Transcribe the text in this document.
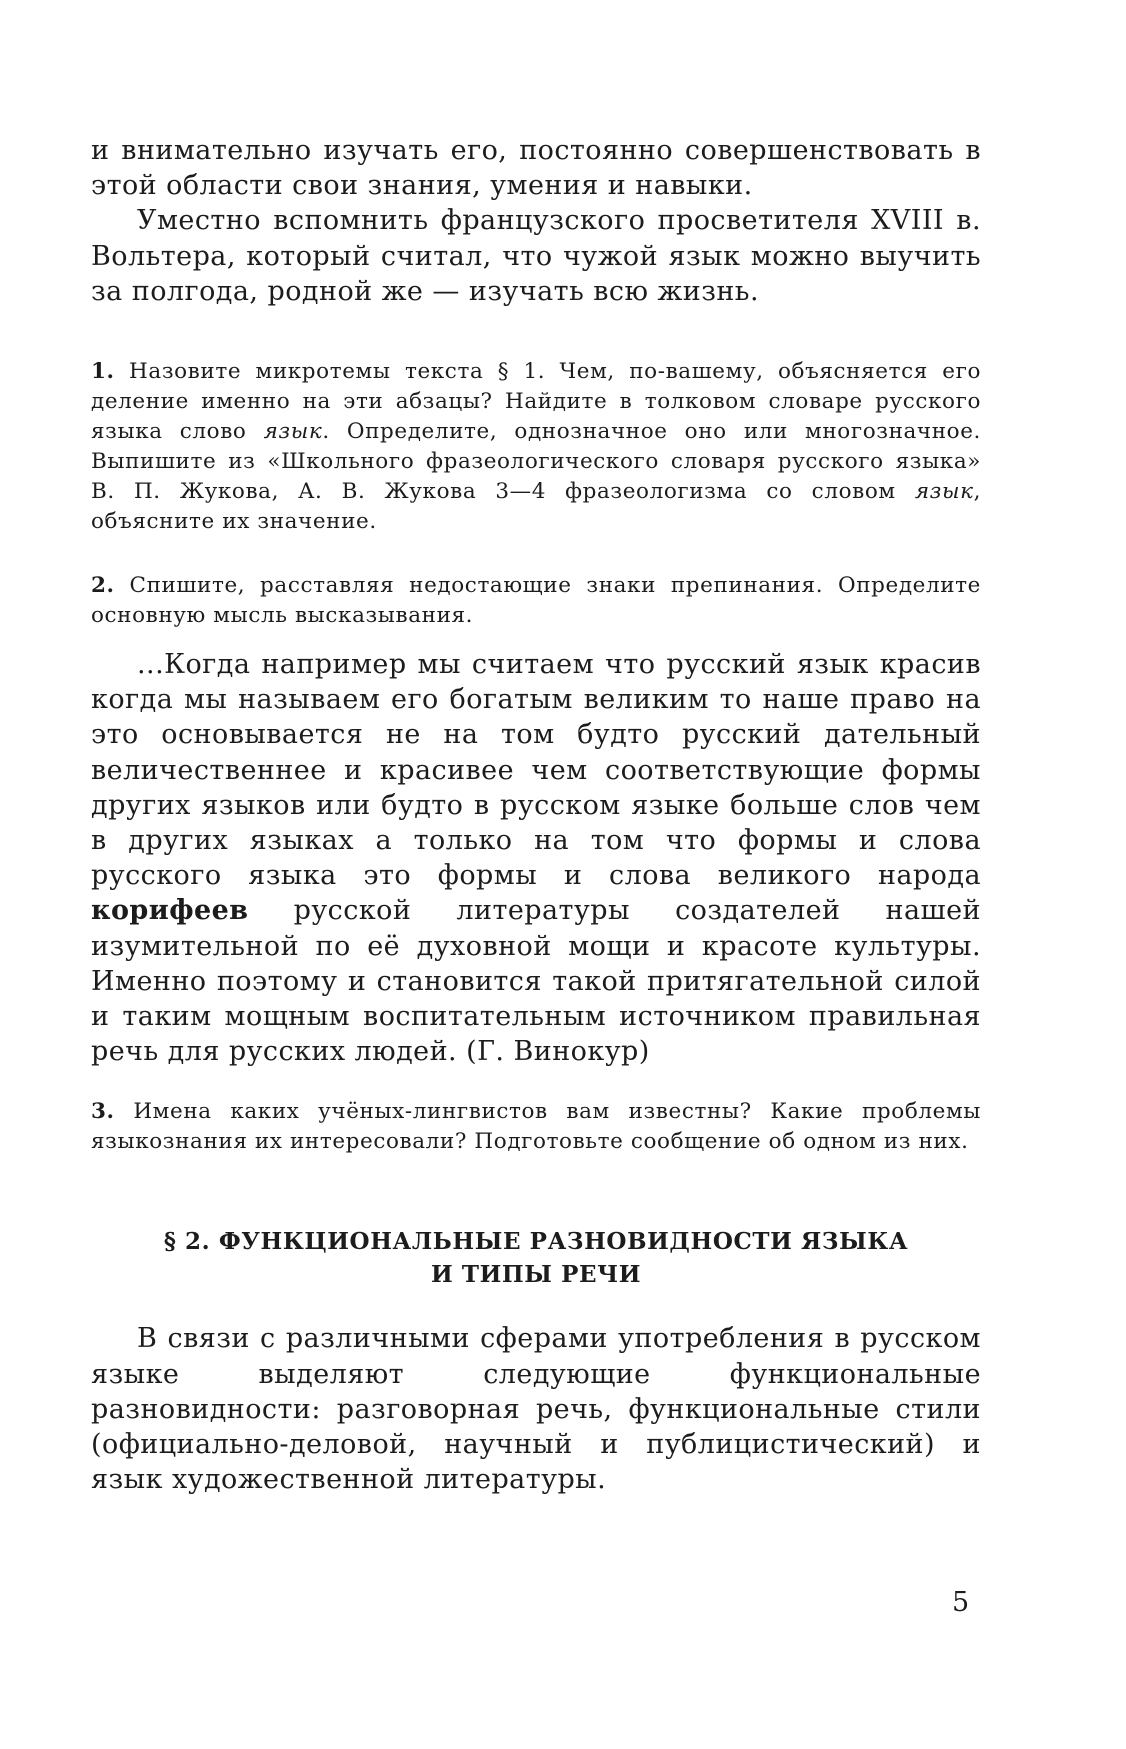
и внимательно изучать его, постоянно совершенствовать в этой области свои знания, умения и навыки.

Уместно вспомнить французского просветителя XVIII в. Вольтера, который считал, что чужой язык можно выучить за полгода, родной же — изучать всю жизнь.

1. Назовите микротемы текста § 1. Чем, по-вашему, объясняется его деление именно на эти абзацы? Найдите в толковом словаре русского языка слово язык. Определите, однозначное оно или многозначное. Выпишите из «Школьного фразеологического словаря русского языка» В. П. Жукова, А. В. Жукова 3—4 фразеологизма со словом язык, объясните их значение.

2. Спишите, расставляя недостающие знаки препинания. Определите основную мысль высказывания.

...Когда например мы считаем что русский язык красив когда мы называем его богатым великим то наше право на это основывается не на том будто русский дательный величественнее и красивее чем соответствующие формы других языков или будто в русском языке больше слов чем в других языках а только на том что формы и слова русского языка это формы и слова великого народа корифеев русской литературы создателей нашей изумительной по её духовной мощи и красоте культуры. Именно поэтому и становится такой притягательной силой и таким мощным воспитательным источником правильная речь для русских людей. (Г. Винокур)

3. Имена каких учёных-лингвистов вам известны? Какие проблемы языкознания их интересовали? Подготовьте сообщение об одном из них.

§ 2. ФУНКЦИОНАЛЬНЫЕ РАЗНОВИДНОСТИ ЯЗЫКА

И ТИПЫ РЕЧИ

В связи с различными сферами употребления в русском языке выделяют следующие функциональные разновидности: разговорная речь, функциональные стили (официально-деловой, научный и публицистический) и язык художественной литературы.

5
